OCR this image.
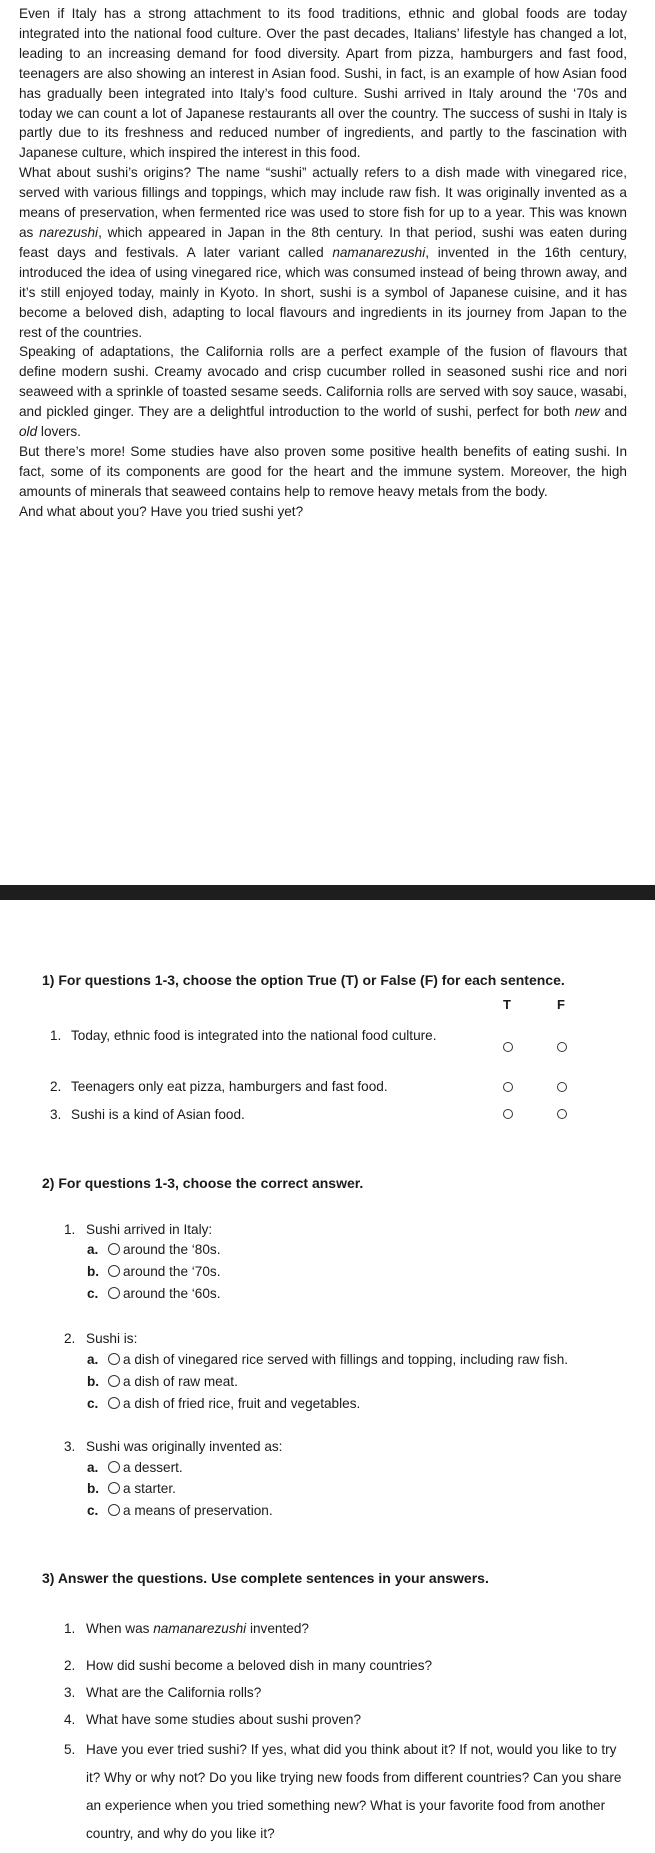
Even if Italy has a strong attachment to its food traditions, ethnic and global foods are today integrated into the national food culture. Over the past decades, Italians’ lifestyle has changed a lot, leading to an increasing demand for food diversity. Apart from pizza, hamburgers and fast food, teenagers are also showing an interest in Asian food. Sushi, in fact, is an example of how Asian food has gradually been integrated into Italy’s food culture. Sushi arrived in Italy around the ‘70s and today we can count a lot of Japanese restaurants all over the country. The success of sushi in Italy is partly due to its freshness and reduced number of ingredients, and partly to the fascination with Japanese culture, which inspired the interest in this food.

What about sushi’s origins? The name “sushi” actually refers to a dish made with vinegared rice, served with various fillings and toppings, which may include raw fish. It was originally invented as a means of preservation, when fermented rice was used to store fish for up to a year. This was known as narezushi, which appeared in Japan in the 8th century. In that period, sushi was eaten during feast days and festivals. A later variant called namanarezushi, invented in the 16th century, introduced the idea of using vinegared rice, which was consumed instead of being thrown away, and it’s still enjoyed today, mainly in Kyoto. In short, sushi is a symbol of Japanese cuisine, and it has become a beloved dish, adapting to local flavours and ingredients in its journey from Japan to the rest of the countries.

Speaking of adaptations, the California rolls are a perfect example of the fusion of flavours that define modern sushi. Creamy avocado and crisp cucumber rolled in seasoned sushi rice and nori seaweed with a sprinkle of toasted sesame seeds. California rolls are served with soy sauce, wasabi, and pickled ginger. They are a delightful introduction to the world of sushi, perfect for both new and old lovers.

But there’s more! Some studies have also proven some positive health benefits of eating sushi. In fact, some of its components are good for the heart and the immune system. Moreover, the high amounts of minerals that seaweed contains help to remove heavy metals from the body.

And what about you? Have you tried sushi yet?

1) For questions 1-3, choose the option True (T) or False (F) for each sentence.
T	F
1. Today, ethnic food is integrated into the national food culture.
2. Teenagers only eat pizza, hamburgers and fast food.
3. Sushi is a kind of Asian food.
2) For questions 1-3, choose the correct answer.
1. Sushi arrived in Italy:
a. around the ‘80s.
b. around the ‘70s.
c. around the ‘60s.
2. Sushi is:
a. a dish of vinegared rice served with fillings and topping, including raw fish.
b. a dish of raw meat.
c. a dish of fried rice, fruit and vegetables.
3. Sushi was originally invented as:
a. a dessert.
b. a starter.
c. a means of preservation.
3) Answer the questions. Use complete sentences in your answers.
1. When was namanarezushi invented?
2. How did sushi become a beloved dish in many countries?
3. What are the California rolls?
4. What have some studies about sushi proven?
5. Have you ever tried sushi? If yes, what did you think about it? If not, would you like to try it? Why or why not? Do you like trying new foods from different countries? Can you share an experience when you tried something new? What is your favorite food from another country, and why do you like it?
